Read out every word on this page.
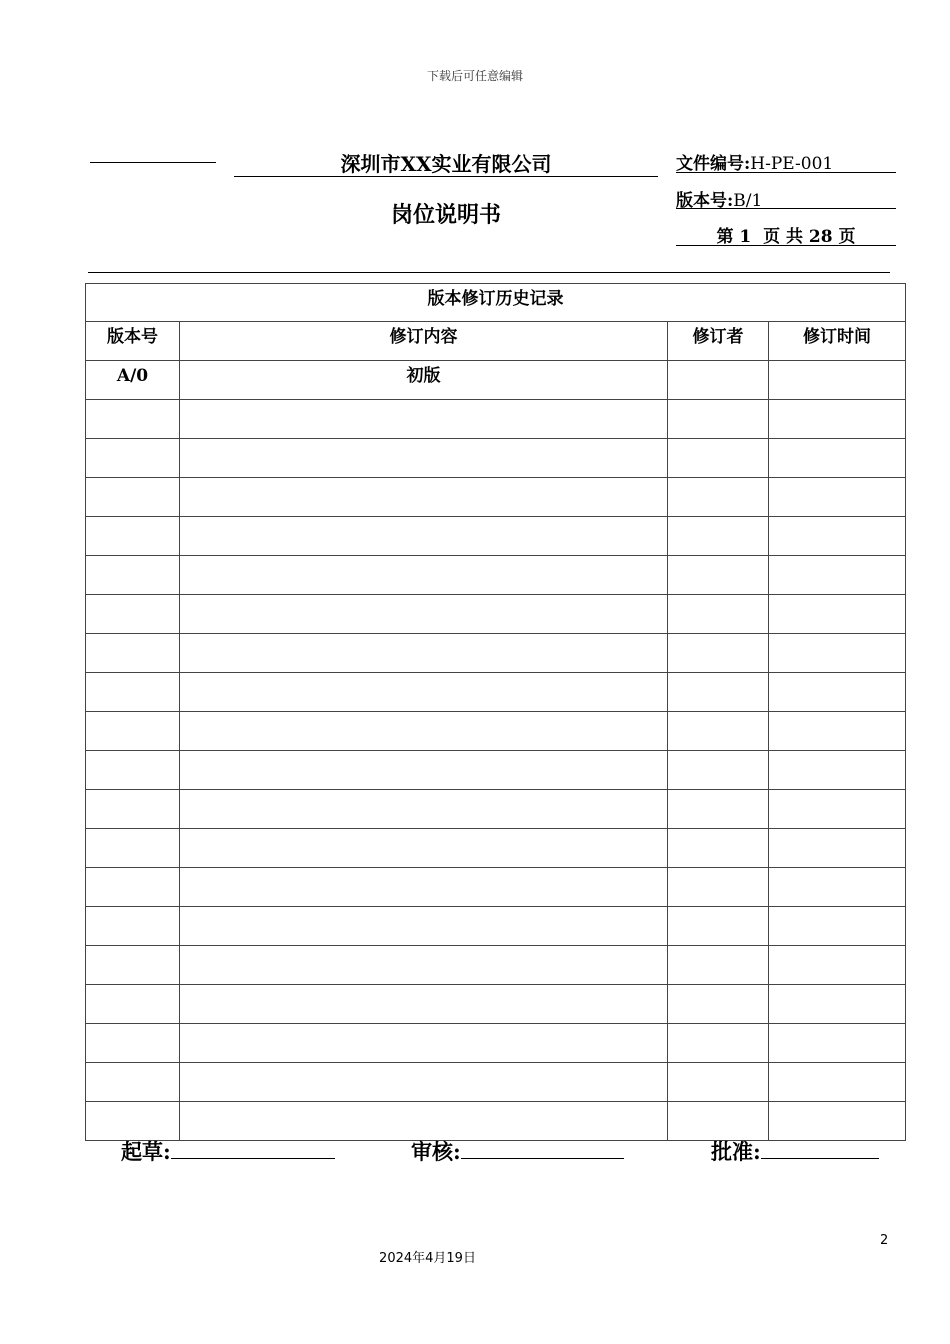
下载后可任意编辑
深圳市XX实业有限公司
岗位说明书
文件编号:H-PE-001
版本号:B/1
第 1  页 共 28 页
版本修订历史记录			
版本号	修订内容	修订者	修订时间
A/0	初版		

起草:	审核:	批准:
2
2024年4月19日
